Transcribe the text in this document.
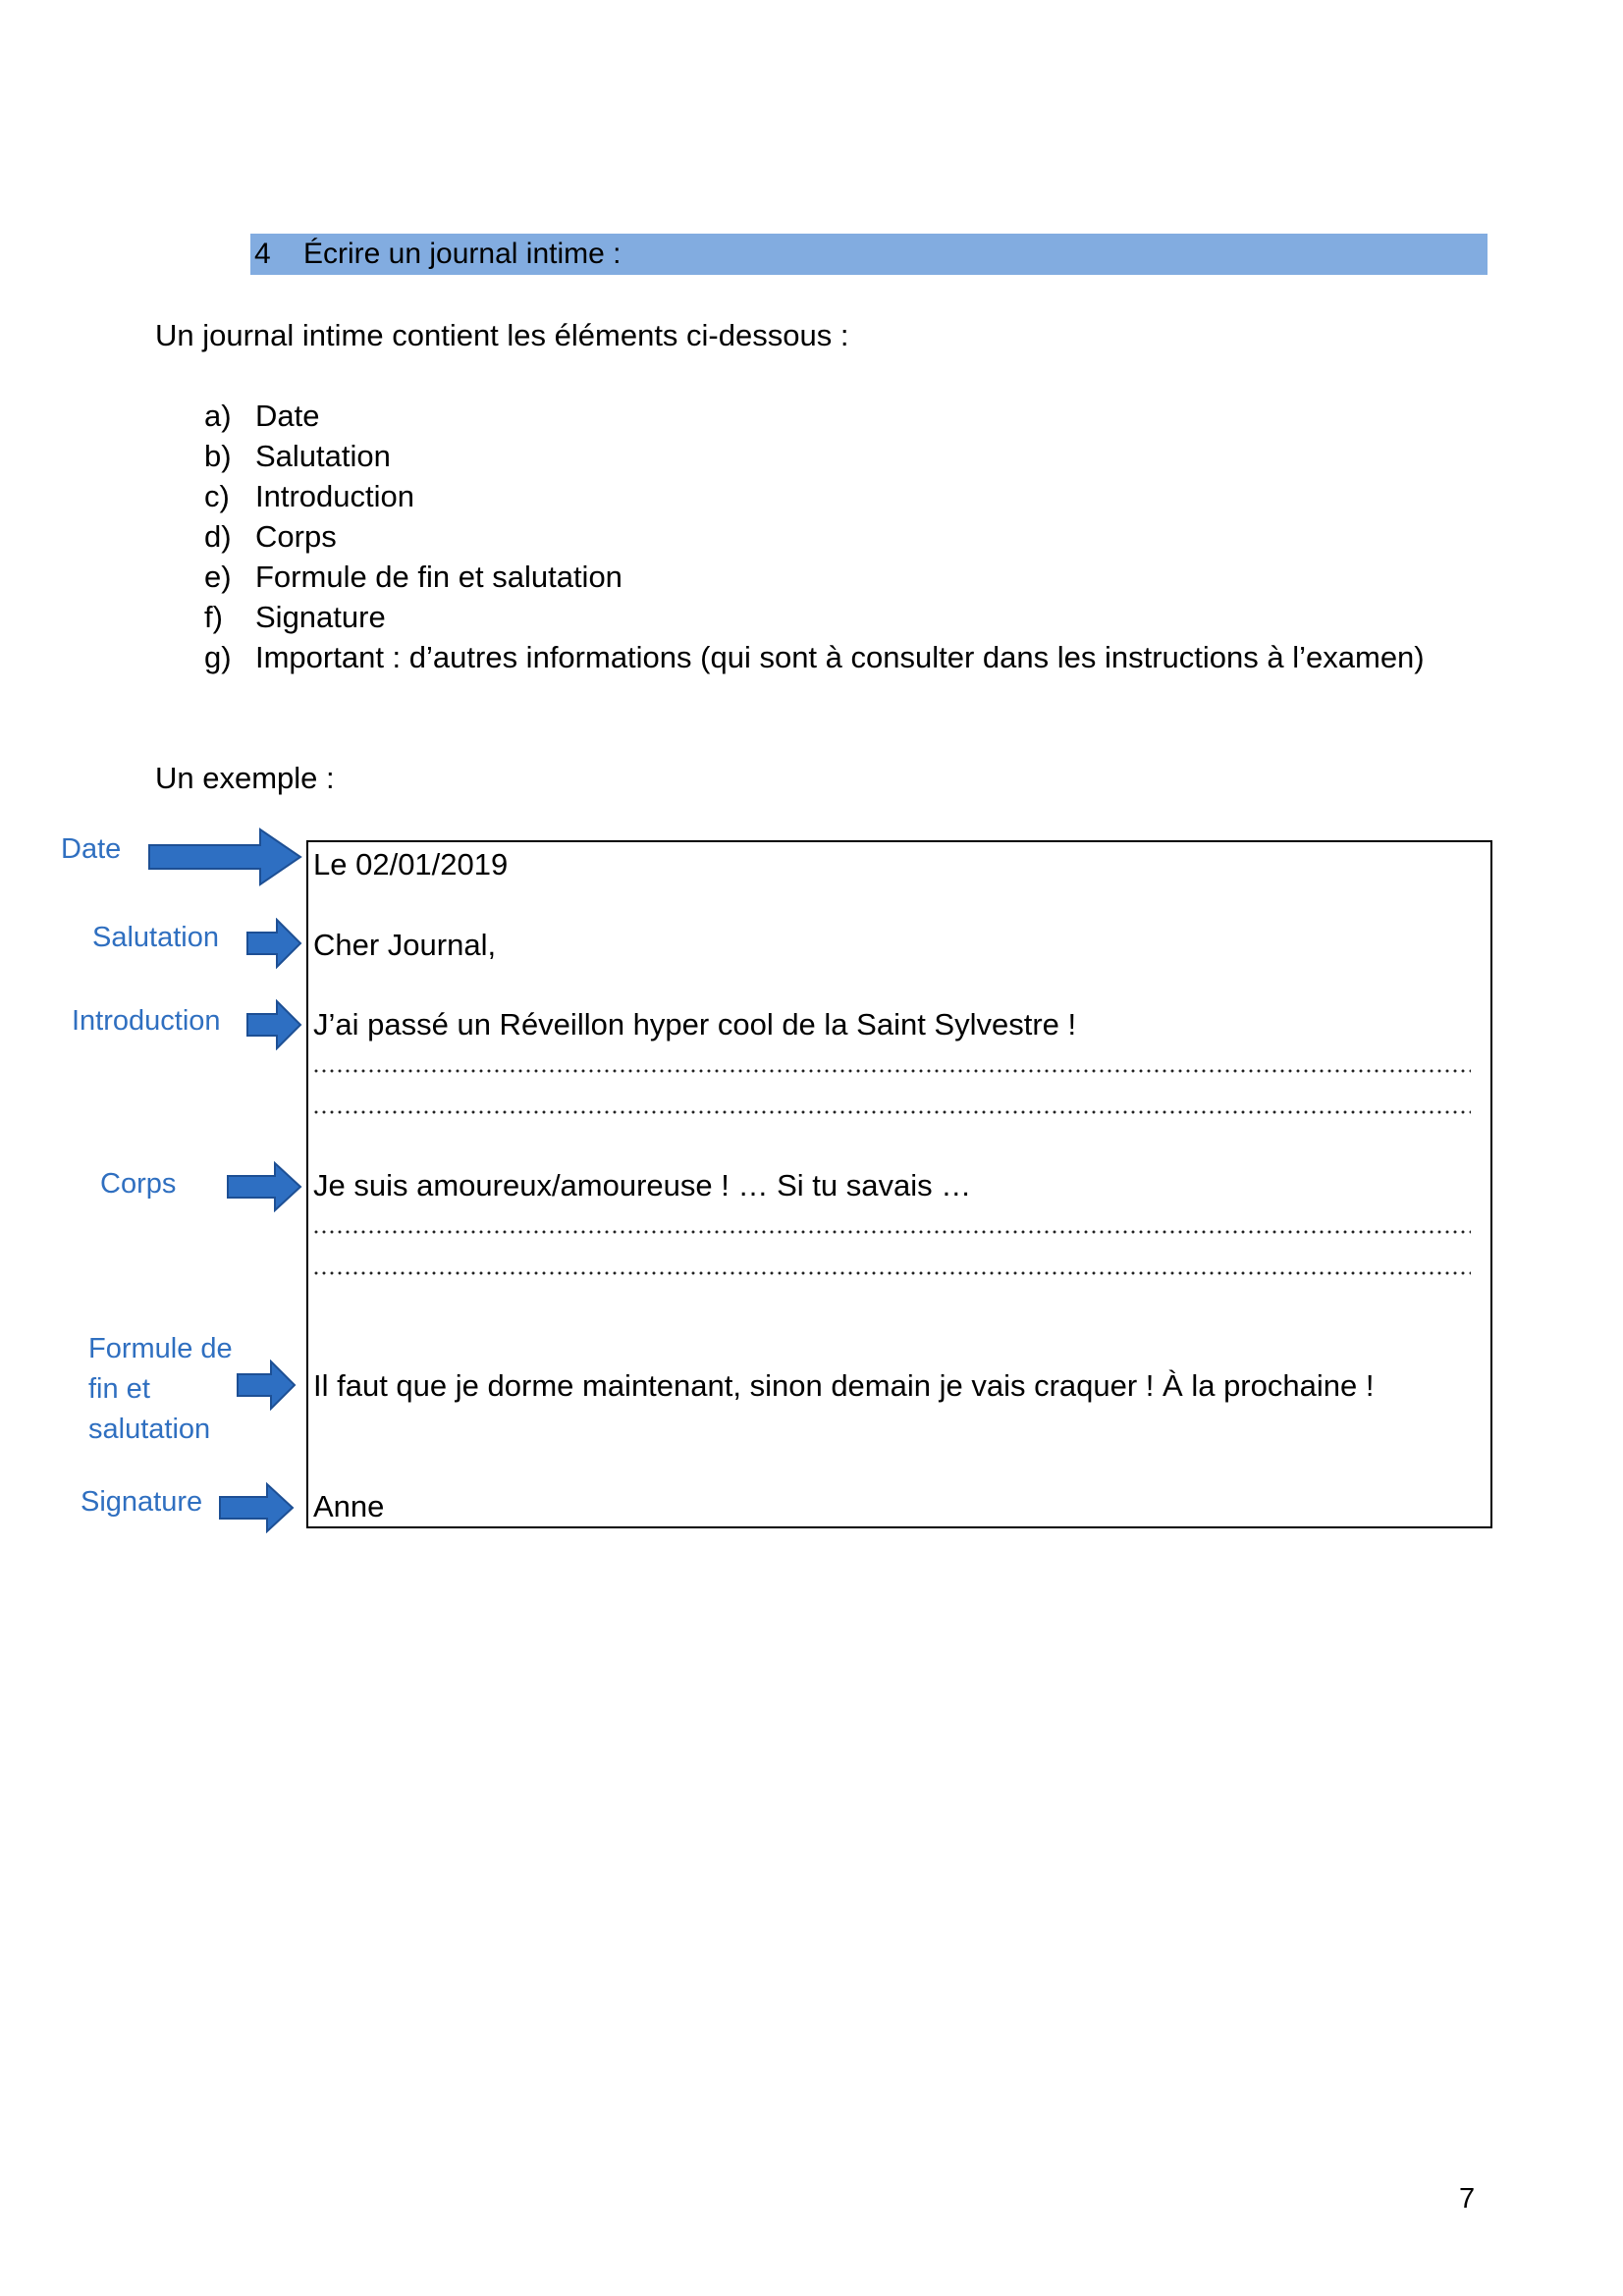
4 Écrire un journal intime :
Un journal intime contient les éléments ci-dessous :
a) Date
b) Salutation
c) Introduction
d) Corps
e) Formule de fin et salutation
f) Signature
g) Important : d’autres informations (qui sont à consulter dans les instructions à l’examen)
Un exemple :
Date
Salutation
Introduction
Corps
Formule de
fin et
salutation
Signature
Le 02/01/2019
Cher Journal,
J’ai passé un Réveillon hyper cool de la Saint Sylvestre !
Je suis amoureux/amoureuse ! … Si tu savais …
Il faut que je dorme maintenant, sinon demain je vais craquer ! À la prochaine !
Anne
7
